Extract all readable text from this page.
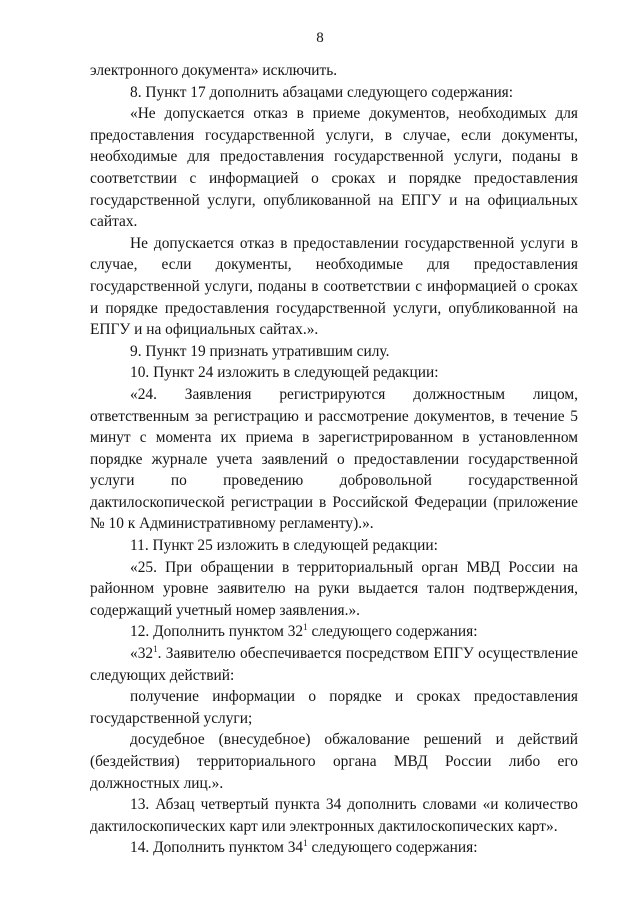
8

электронного документа» исключить.

8. Пункт 17 дополнить абзацами следующего содержания:

«Не допускается отказ в приеме документов, необходимых для предоставления государственной услуги, в случае, если документы, необходимые для предоставления государственной услуги, поданы в соответствии с информацией о сроках и порядке предоставления государственной услуги, опубликованной на ЕПГУ и на официальных сайтах.

Не допускается отказ в предоставлении государственной услуги в случае, если документы, необходимые для предоставления государственной услуги, поданы в соответствии с информацией о сроках и порядке предоставления государственной услуги, опубликованной на ЕПГУ и на официальных сайтах.».

9. Пункт 19 признать утратившим силу.

10. Пункт 24 изложить в следующей редакции:

«24. Заявления регистрируются должностным лицом, ответственным за регистрацию и рассмотрение документов, в течение 5 минут с момента их приема в зарегистрированном в установленном порядке журнале учета заявлений о предоставлении государственной услуги по проведению добровольной государственной дактилоскопической регистрации в Российской Федерации (приложение № 10 к Административному регламенту).».

11. Пункт 25 изложить в следующей редакции:

«25. При обращении в территориальный орган МВД России на районном уровне заявителю на руки выдается талон подтверждения, содержащий учетный номер заявления.».

12. Дополнить пунктом $32^1$ следующего содержания:

«$32^1$. Заявителю обеспечивается посредством ЕПГУ осуществление следующих действий:

получение информации о порядке и сроках предоставления государственной услуги;

досудебное (внесудебное) обжалование решений и действий (бездействия) территориального органа МВД России либо его должностных лиц.».

13. Абзац четвертый пункта 34 дополнить словами «и количество дактилоскопических карт или электронных дактилоскопических карт».

14. Дополнить пунктом $34^1$ следующего содержания:
